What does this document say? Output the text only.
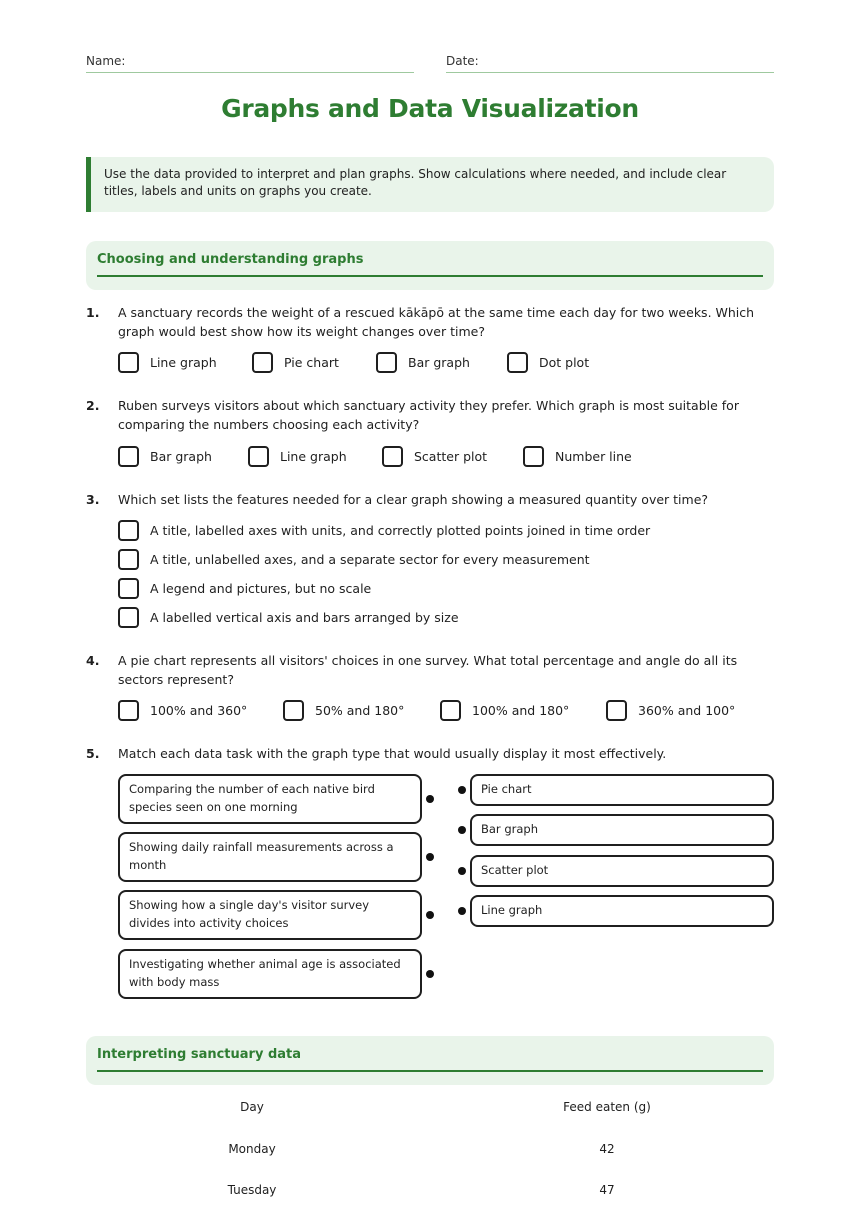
Name:	Date:
Graphs and Data Visualization
Use the data provided to interpret and plan graphs. Show calculations where needed, and include clear titles, labels and units on graphs you create.
Choosing and understanding graphs
1. A sanctuary records the weight of a rescued kākāpō at the same time each day for two weeks. Which graph would best show how its weight changes over time?
Line graph	Pie chart	Bar graph	Dot plot
2. Ruben surveys visitors about which sanctuary activity they prefer. Which graph is most suitable for comparing the numbers choosing each activity?
Bar graph	Line graph	Scatter plot	Number line
3. Which set lists the features needed for a clear graph showing a measured quantity over time?
A title, labelled axes with units, and correctly plotted points joined in time order
A title, unlabelled axes, and a separate sector for every measurement
A legend and pictures, but no scale
A labelled vertical axis and bars arranged by size
4. A pie chart represents all visitors' choices in one survey. What total percentage and angle do all its sectors represent?
100% and 360°	50% and 180°	100% and 180°	360% and 100°
5. Match each data task with the graph type that would usually display it most effectively.
Comparing the number of each native bird species seen on one morning
Showing daily rainfall measurements across a month
Showing how a single day's visitor survey divides into activity choices
Investigating whether animal age is associated with body mass
Pie chart
Bar graph
Scatter plot
Line graph
Interpreting sanctuary data
Day	Feed eaten (g)
Monday	42
Tuesday	47
